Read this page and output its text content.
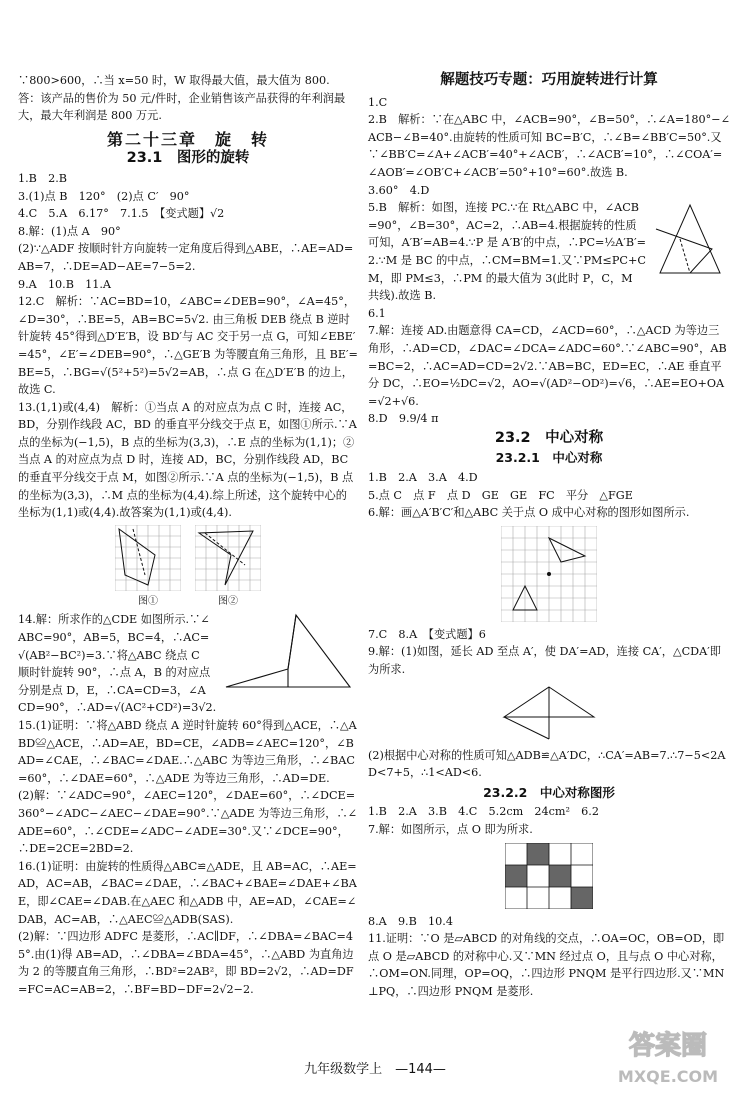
∵800>600，∴当 x=50 时，W 取得最大值，最大值为 800.

答：该产品的售价为 50 元/件时，企业销售该产品获得的年利润最大，最大年利润是 800 万元.

第二十三章　旋　转
23.1　图形的旋转

1.B　2.B

3.(1)点 B　120°　(2)点 C′　90°

4.C　5.A　6.17°　7.1.5　【变式题】√2

8.解：(1)点 A　90°

(2)∵△ADF 按顺时针方向旋转一定角度后得到△ABE，∴AE=AD=AB=7，∴DE=AD−AE=7−5=2.

9.A　10.B　11.A

12.C　解析：∵AC=BD=10，∠ABC=∠DEB=90°，∠A=45°，∠D=30°，∴BE=5，AB=BC=5√2. 由三角板 DEB 绕点 B 逆时针旋转 45°得到△D′E′B，设 BD′与 AC 交于另一点 G，可知∠EBE′=45°，∠E′=∠DEB=90°，∴△GE′B 为等腰直角三角形，且 BE′=BE=5，∴BG=√(5²+5²)=5√2=AB，∴点 G 在△D′E′B 的边上，故选 C.

13.(1,1)或(4,4)　解析：①当点 A 的对应点为点 C 时，连接 AC，BD，分别作线段 AC，BD 的垂直平分线交于点 E，如图①所示.∵A 点的坐标为(−1,5)，B 点的坐标为(3,3)，∴E 点的坐标为(1,1)；②当点 A 的对应点为点 D 时，连接 AD，BC，分别作线段 AD，BC 的垂直平分线交于点 M，如图②所示.∵A 点的坐标为(−1,5)，B 点的坐标为(3,3)，∴M 点的坐标为(4,4).综上所述，这个旋转中心的坐标为(1,1)或(4,4).故答案为(1,1)或(4,4).

图①	图②

14.解：所求作的△CDE 如图所示.∵∠ABC=90°，AB=5，BC=4，∴AC=√(AB²−BC²)=3.∵将△ABC 绕点 C 顺时针旋转 90°，∴点 A，B 的对应点分别是点 D，E，∴CA=CD=3，∠ACD=90°，∴AD=√(AC²+CD²)=3√2.

15.(1)证明：∵将△ABD 绕点 A 逆时针旋转 60°得到△ACE，∴△ABD≌△ACE，∴AD=AE，BD=CE，∠ADB=∠AEC=120°，∠BAD=∠CAE，∴∠BAC=∠DAE.∴△ABC 为等边三角形，∴∠BAC=60°，∴∠DAE=60°，∴△ADE 为等边三角形，∴AD=DE.

(2)解：∵∠ADC=90°，∠AEC=120°，∠DAE=60°，∴∠DCE=360°−∠ADC−∠AEC−∠DAE=90°.∵△ADE 为等边三角形，∴∠ADE=60°，∴∠CDE=∠ADC−∠ADE=30°.又∵∠DCE=90°，∴DE=2CE=2BD=2.

16.(1)证明：由旋转的性质得△ABC≌△ADE，且 AB=AC，∴AE=AD，AC=AB，∠BAC=∠DAE，∴∠BAC+∠BAE=∠DAE+∠BAE，即∠CAE=∠DAB.在△AEC 和△ADB 中，AE=AD，∠CAE=∠DAB，AC=AB，∴△AEC≌△ADB(SAS).

(2)解：∵四边形 ADFC 是菱形，∴AC∥DF，∴∠DBA=∠BAC=45°.由(1)得 AB=AD，∴∠DBA=∠BDA=45°，∴△ABD 为直角边为 2 的等腰直角三角形，∴BD²=2AB²，即 BD=2√2，∴AD=DF=FC=AC=AB=2，∴BF=BD−DF=2√2−2.

解题技巧专题：巧用旋转进行计算

1.C

2.B　解析：∵在△ABC 中，∠ACB=90°，∠B=50°，∴∠A=180°−∠ACB−∠B=40°.由旋转的性质可知 BC=B′C，∴∠B=∠BB′C=50°.又∵∠BB′C=∠A+∠ACB′=40°+∠ACB′，∴∠ACB′=10°，∴∠COA′=∠AOB′=∠OB′C+∠ACB′=50°+10°=60°.故选 B.

3.60°　4.D

5.B　解析：如图，连接 PC.∵在 Rt△ABC 中，∠ACB=90°，∠B=30°，AC=2，∴AB=4.根据旋转的性质可知，A′B′=AB=4.∵P 是 A′B′的中点，∴PC=½A′B′=2.∵M 是 BC 的中点，∴CM=BM=1.又∵PM≤PC+CM，即 PM≤3，∴PM 的最大值为 3(此时 P，C，M 共线).故选 B.

6.1

7.解：连接 AD.由题意得 CA=CD，∠ACD=60°，∴△ACD 为等边三角形，∴AD=CD，∠DAC=∠DCA=∠ADC=60°.∵∠ABC=90°，AB=BC=2，∴AC=AD=CD=2√2.∵AB=BC，ED=EC，∴AE 垂直平分 DC，∴EO=½DC=√2，AO=√(AD²−OD²)=√6，∴AE=EO+OA=√2+√6.

8.D　9.9/4 π

23.2　中心对称
23.2.1　中心对称

1.B　2.A　3.A　4.D

5.点 C　点 F　点 D　GE　GE　FC　平分　△FGE

6.解：画△A′B′C′和△ABC 关于点 O 成中心对称的图形如图所示.

7.C　8.A　【变式题】6

9.解：(1)如图，延长 AD 至点 A′，使 DA′=AD，连接 CA′，△CDA′即为所求.

(2)根据中心对称的性质可知△ADB≌△A′DC，∴CA′=AB=7.∴7−5<2AD<7+5，∴1<AD<6.

23.2.2　中心对称图形

1.B　2.A　3.B　4.C　5.2cm　24cm²　6.2

7.解：如图所示，点 O 即为所求.

8.A　9.B　10.4

11.证明：∵O 是▱ABCD 的对角线的交点，∴OA=OC，OB=OD，即点 O 是▱ABCD 的对称中心.又∵MN 经过点 O，且与点 O 中心对称，∴OM=ON.同理，OP=OQ，∴四边形 PNQM 是平行四边形.又∵MN⊥PQ，∴四边形 PNQM 是菱形.

九年级数学上　—144—
答案圈
MXQE.COM
